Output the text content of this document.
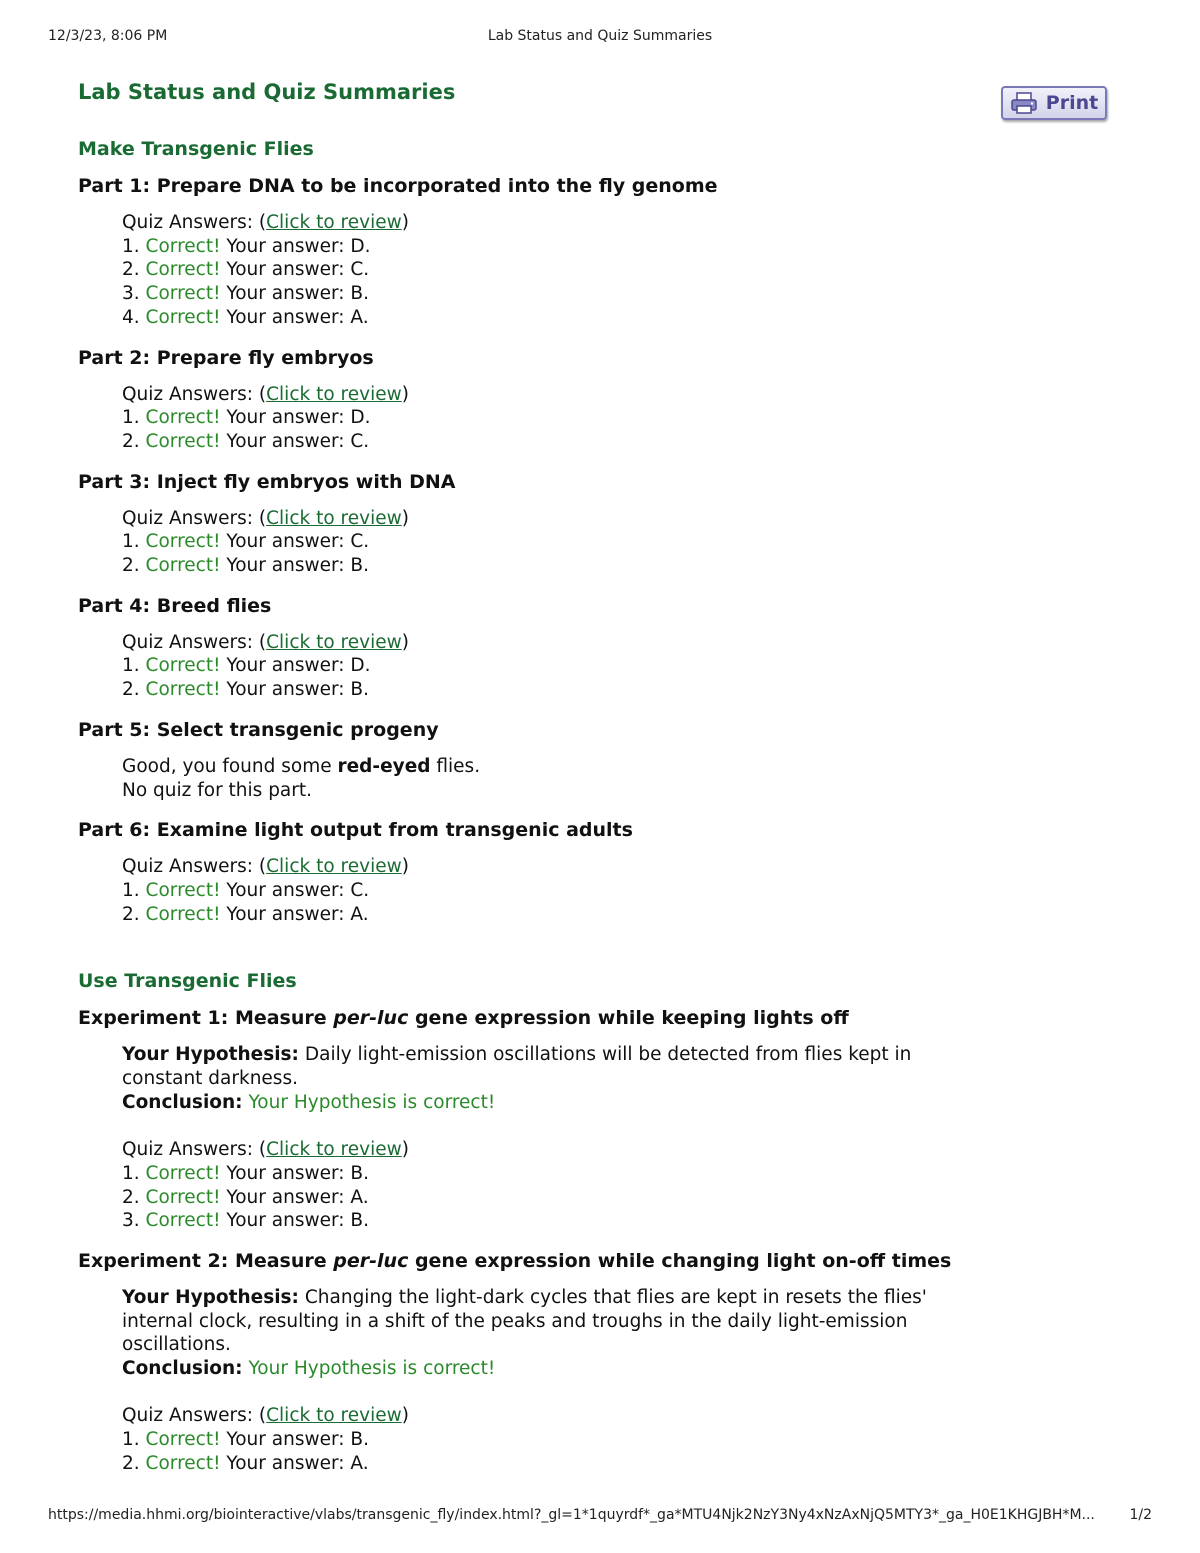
12/3/23, 8:06 PM	Lab Status and Quiz Summaries
Print
Lab Status and Quiz Summaries
Make Transgenic Flies
Part 1: Prepare DNA to be incorporated into the fly genome
Quiz Answers: (Click to review)
1. Correct! Your answer: D.
2. Correct! Your answer: C.
3. Correct! Your answer: B.
4. Correct! Your answer: A.
Part 2: Prepare fly embryos
Quiz Answers: (Click to review)
1. Correct! Your answer: D.
2. Correct! Your answer: C.
Part 3: Inject fly embryos with DNA
Quiz Answers: (Click to review)
1. Correct! Your answer: C.
2. Correct! Your answer: B.
Part 4: Breed flies
Quiz Answers: (Click to review)
1. Correct! Your answer: D.
2. Correct! Your answer: B.
Part 5: Select transgenic progeny
Good, you found some red-eyed flies.
No quiz for this part.
Part 6: Examine light output from transgenic adults
Quiz Answers: (Click to review)
1. Correct! Your answer: C.
2. Correct! Your answer: A.
Use Transgenic Flies
Experiment 1: Measure per-luc gene expression while keeping lights off
Your Hypothesis: Daily light-emission oscillations will be detected from flies kept in
constant darkness.
Conclusion: Your Hypothesis is correct!
Quiz Answers: (Click to review)
1. Correct! Your answer: B.
2. Correct! Your answer: A.
3. Correct! Your answer: B.
Experiment 2: Measure per-luc gene expression while changing light on-off times
Your Hypothesis: Changing the light-dark cycles that flies are kept in resets the flies'
internal clock, resulting in a shift of the peaks and troughs in the daily light-emission
oscillations.
Conclusion: Your Hypothesis is correct!
Quiz Answers: (Click to review)
1. Correct! Your answer: B.
2. Correct! Your answer: A.
https://media.hhmi.org/biointeractive/vlabs/transgenic_fly/index.html?_gl=1*1quyrdf*_ga*MTU4Njk2NzY3Ny4xNzAxNjQ5MTY3*_ga_H0E1KHGJBH*M...	1/2
